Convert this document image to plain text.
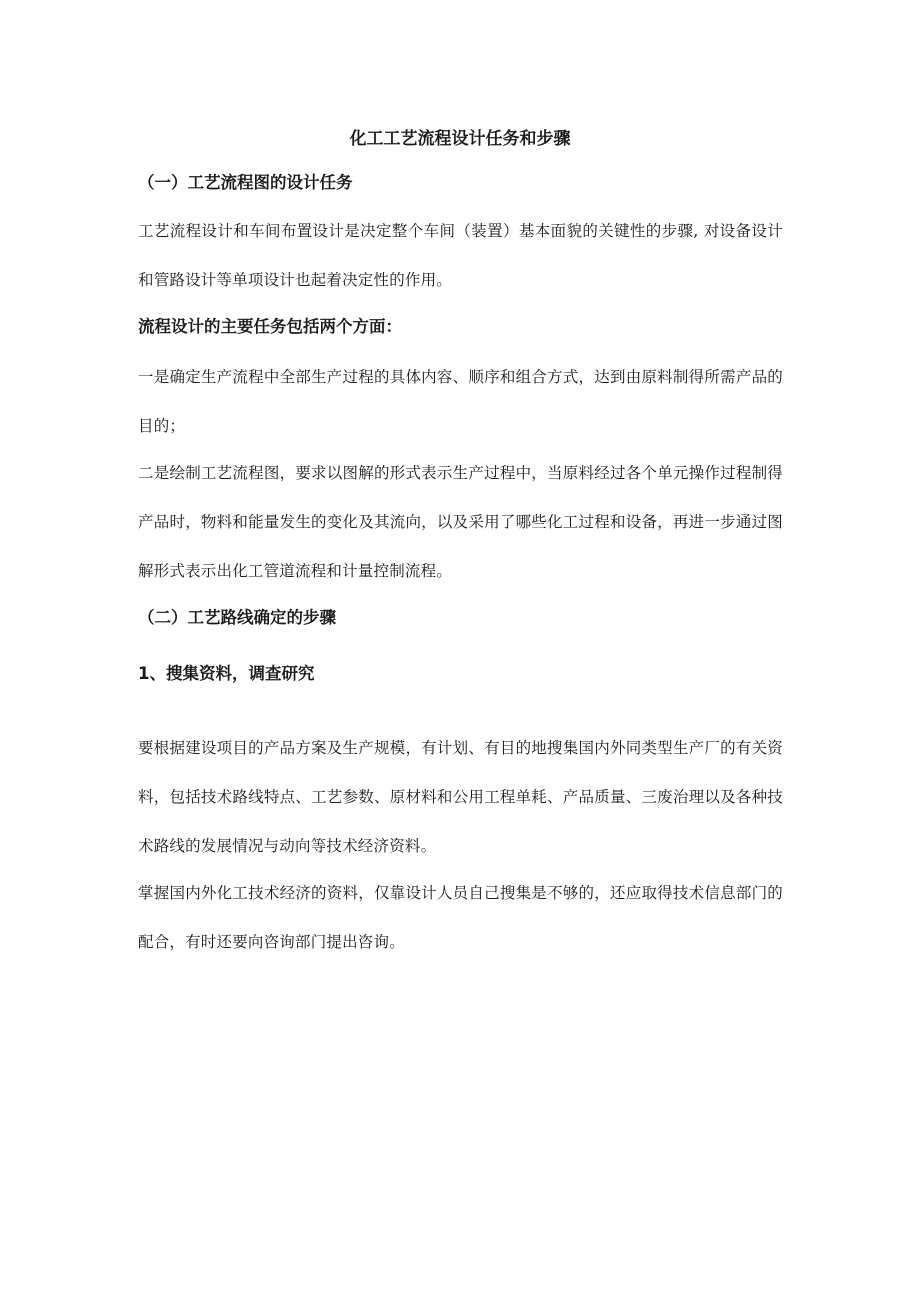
化工工艺流程设计任务和步骤
（一）工艺流程图的设计任务

工艺流程设计和车间布置设计是决定整个车间（装置）基本面貌的关键性的步骤, 对设备设计和管路设计等单项设计也起着决定性的作用。

流程设计的主要任务包括两个方面：

一是确定生产流程中全部生产过程的具体内容、顺序和组合方式，达到由原料制得所需产品的目的；

二是绘制工艺流程图，要求以图解的形式表示生产过程中，当原料经过各个单元操作过程制得产品时，物料和能量发生的变化及其流向，以及采用了哪些化工过程和设备，再进一步通过图解形式表示出化工管道流程和计量控制流程。

（二）工艺路线确定的步骤
1、搜集资料，调查研究

要根据建设项目的产品方案及生产规模，有计划、有目的地搜集国内外同类型生产厂的有关资料，包括技术路线特点、工艺参数、原材料和公用工程单耗、产品质量、三废治理以及各种技术路线的发展情况与动向等技术经济资料。

掌握国内外化工技术经济的资料，仅靠设计人员自己搜集是不够的，还应取得技术信息部门的配合，有时还要向咨询部门提出咨询。
